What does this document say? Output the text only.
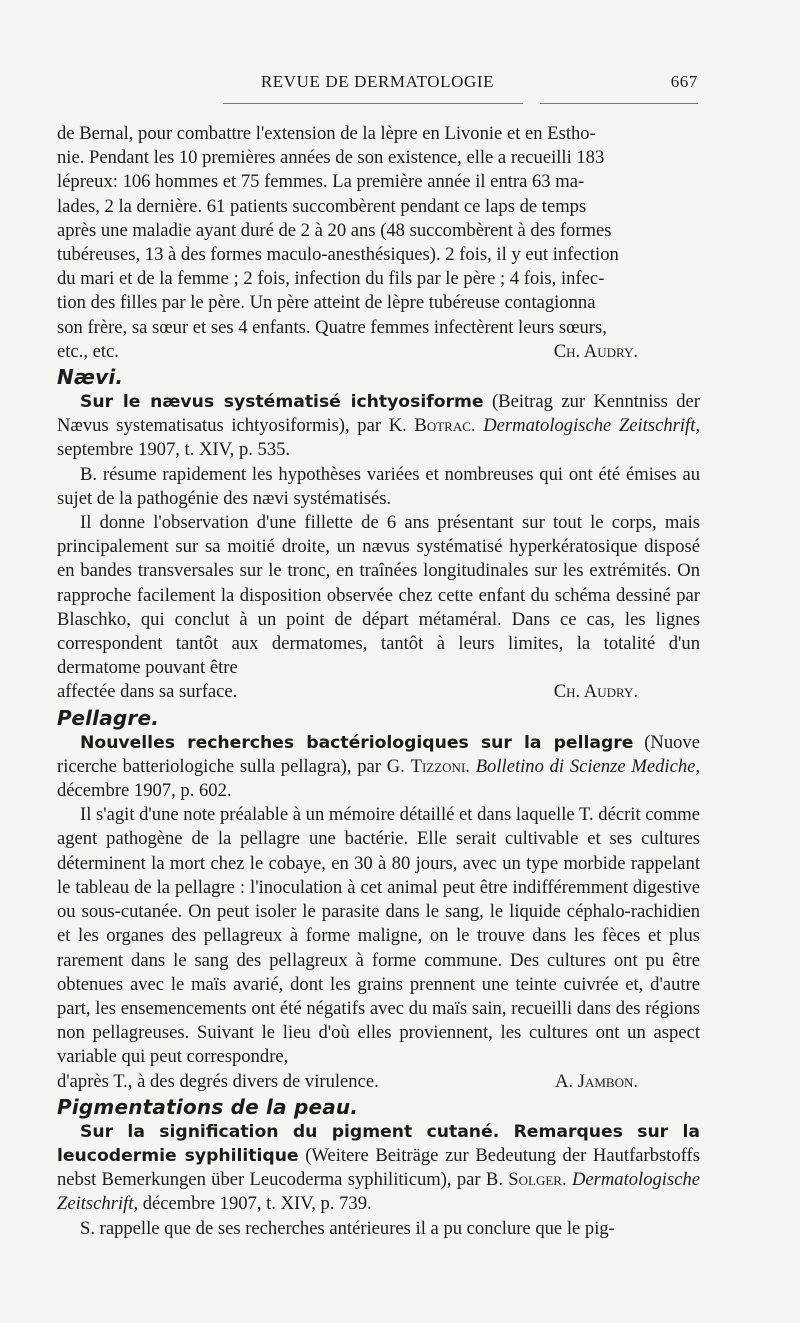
REVUE DE DERMATOLOGIE	667

de Bernal, pour combattre l'extension de la lèpre en Livonie et en Estho-

nie. Pendant les 10 premières années de son existence, elle a recueilli 183

lépreux: 106 hommes et 75 femmes. La première année il entra 63 ma-

lades, 2 la dernière. 61 patients succombèrent pendant ce laps de temps

après une maladie ayant duré de 2 à 20 ans (48 succombèrent à des formes

tubéreuses, 13 à des formes maculo-anesthésiques). 2 fois, il y eut infection

du mari et de la femme ; 2 fois, infection du fils par le père ; 4 fois, infec-

tion des filles par le père. Un père atteint de lèpre tubéreuse contagionna

son frère, sa sœur et ses 4 enfants. Quatre femmes infectèrent leurs sœurs,

etc., etc.	Ch. Audry.

Nævi.

Sur le nævus systématisé ichtyosiforme (Beitrag zur Kenntniss der Nævus systematisatus ichtyosiformis), par K. Botrac. Dermatologische Zeitschrift, septembre 1907, t. XIV, p. 535.

B. résume rapidement les hypothèses variées et nombreuses qui ont été émises au sujet de la pathogénie des nævi systématisés.

Il donne l'observation d'une fillette de 6 ans présentant sur tout le corps, mais principalement sur sa moitié droite, un nævus systématisé hyperkératosique disposé en bandes transversales sur le tronc, en traînées longitudinales sur les extrémités. On rapproche facilement la disposition observée chez cette enfant du schéma dessiné par Blaschko, qui conclut à un point de départ métaméral. Dans ce cas, les lignes correspondent tantôt aux dermatomes, tantôt à leurs limites, la totalité d'un dermatome pouvant être

affectée dans sa surface.	Ch. Audry.

Pellagre.

Nouvelles recherches bactériologiques sur la pellagre (Nuove ricerche batteriologiche sulla pellagra), par G. Tizzoni. Bolletino di Scienze Mediche, décembre 1907, p. 602.

Il s'agit d'une note préalable à un mémoire détaillé et dans laquelle T. décrit comme agent pathogène de la pellagre une bactérie. Elle serait cultivable et ses cultures déterminent la mort chez le cobaye, en 30 à 80 jours, avec un type morbide rappelant le tableau de la pellagre : l'inoculation à cet animal peut être indifféremment digestive ou sous-cutanée. On peut isoler le parasite dans le sang, le liquide céphalo-rachidien et les organes des pellagreux à forme maligne, on le trouve dans les fèces et plus rarement dans le sang des pellagreux à forme commune. Des cultures ont pu être obtenues avec le maïs avarié, dont les grains prennent une teinte cuivrée et, d'autre part, les ensemencements ont été négatifs avec du maïs sain, recueilli dans des régions non pellagreuses. Suivant le lieu d'où elles proviennent, les cultures ont un aspect variable qui peut correspondre,

d'après T., à des degrés divers de virulence.	A. Jambon.

Pigmentations de la peau.

Sur la signification du pigment cutané. Remarques sur la leucodermie syphilitique (Weitere Beiträge zur Bedeutung der Hautfarbstoffs nebst Bemerkungen über Leucoderma syphiliticum), par B. Solger. Dermatologische Zeitschrift, décembre 1907, t. XIV, p. 739.

S. rappelle que de ses recherches antérieures il a pu conclure que le pig-
